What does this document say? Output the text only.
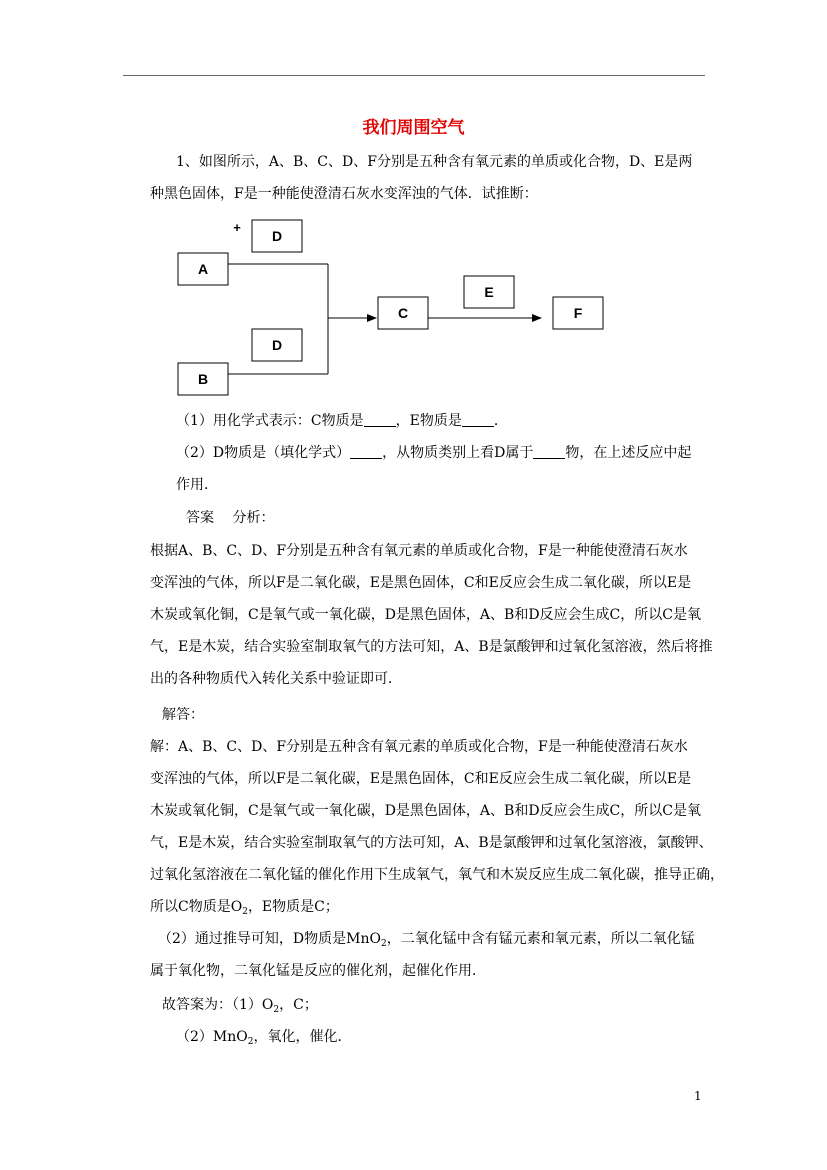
我们周围空气
1、如图所示，A、B、C、D、F分别是五种含有氧元素的单质或化合物，D、E是两
种黑色固体，F是一种能使澄清石灰水变浑浊的气体．试推断：
+
D
A
D
B
C
E
F
（1）用化学式表示：C物质是 ，E物质是 ．
（2）D物质是（填化学式） ，从物质类别上看D属于 物，在上述反应中起
作用．
答案　 分析：
根据A、B、C、D、F分别是五种含有氧元素的单质或化合物，F是一种能使澄清石灰水
变浑浊的气体，所以F是二氧化碳，E是黑色固体，C和E反应会生成二氧化碳，所以E是
木炭或氧化铜，C是氧气或一氧化碳，D是黑色固体，A、B和D反应会生成C，所以C是氧
气，E是木炭，结合实验室制取氧气的方法可知，A、B是氯酸钾和过氧化氢溶液，然后将推
出的各种物质代入转化关系中验证即可．
解答：
解：A、B、C、D、F分别是五种含有氧元素的单质或化合物，F是一种能使澄清石灰水
变浑浊的气体，所以F是二氧化碳，E是黑色固体，C和E反应会生成二氧化碳，所以E是
木炭或氧化铜，C是氧气或一氧化碳，D是黑色固体，A、B和D反应会生成C，所以C是氧
气，E是木炭，结合实验室制取氧气的方法可知，A、B是氯酸钾和过氧化氢溶液，氯酸钾、
过氧化氢溶液在二氧化锰的催化作用下生成氧气，氧气和木炭反应生成二氧化碳，推导正确，
所以C物质是$O_2$，E物质是C；
（2）通过推导可知，D物质是MnO$_2$，二氧化锰中含有锰元素和氧元素，所以二氧化锰
属于氧化物，二氧化锰是反应的催化剂，起催化作用．
故答案为：$(1)O_2$，C；
（2）MnO$_2$，氧化，催化．
1
